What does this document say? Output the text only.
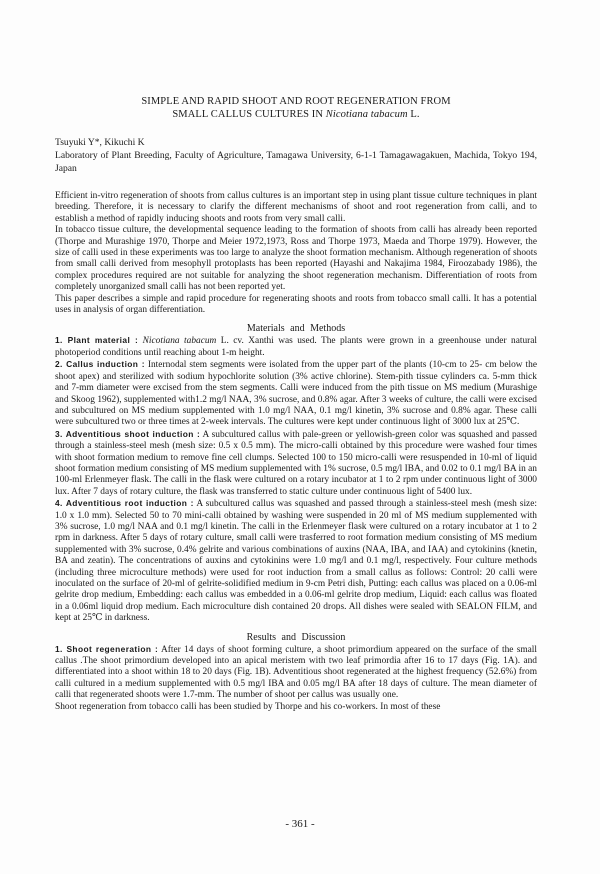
SIMPLE AND RAPID SHOOT AND ROOT REGENERATION FROM
SMALL CALLUS CULTURES IN Nicotiana tabacum L.
Tsuyuki Y*, Kikuchi K
Laboratory of Plant Breeding, Faculty of Agriculture, Tamagawa University, 6-1-1 Tamagawagakuen, Machida, Tokyo 194, Japan

Efficient in-vitro regeneration of shoots from callus cultures is an important step in using plant tissue culture techniques in plant breeding. Therefore, it is necessary to clarify the different mechanisms of shoot and root regeneration from calli, and to establish a method of rapidly inducing shoots and roots from very small calli.

In tobacco tissue culture, the developmental sequence leading to the formation of shoots from calli has already been reported (Thorpe and Murashige 1970, Thorpe and Meier 1972,1973, Ross and Thorpe 1973, Maeda and Thorpe 1979). However, the size of calli used in these experiments was too large to analyze the shoot formation mechanism. Although regeneration of shoots from small calli derived from mesophyll protoplasts has been reported (Hayashi and Nakajima 1984, Firoozabady 1986), the complex procedures required are not suitable for analyzing the shoot regeneration mechanism. Differentiation of roots from completely unorganized small calli has not been reported yet.

This paper describes a simple and rapid procedure for regenerating shoots and roots from tobacco small calli. It has a potential uses in analysis of organ differentiation.

Materials and Methods

1. Plant material : Nicotiana tabacum L. cv. Xanthi was used. The plants were grown in a greenhouse under natural photoperiod conditions until reaching about 1-m height.

2. Callus induction : Internodal stem segments were isolated from the upper part of the plants (10-cm to 25- cm below the shoot apex) and sterilized with sodium hypochlorite solution (3% active chlorine). Stem-pith tissue cylinders ca. 5-mm thick and 7-mm diameter were excised from the stem segments. Calli were induced from the pith tissue on MS medium (Murashige and Skoog 1962), supplemented with1.2 mg/l NAA, 3% sucrose, and 0.8% agar. After 3 weeks of culture, the calli were excised and subcultured on MS medium supplemented with 1.0 mg/l NAA, 0.1 mg/l kinetin, 3% sucrose and 0.8% agar. These calli were subcultured two or three times at 2-week intervals. The cultures were kept under continuous light of 3000 lux at 25℃.

3. Adventitious shoot induction : A subcultured callus with pale-green or yellowish-green color was squashed and passed through a stainless-steel mesh (mesh size: 0.5 x 0.5 mm). The micro-calli obtained by this procedure were washed four times with shoot formation medium to remove fine cell clumps. Selected 100 to 150 micro-calli were resuspended in 10-ml of liquid shoot formation medium consisting of MS medium supplemented with 1% sucrose, 0.5 mg/l IBA, and 0.02 to 0.1 mg/l BA in an 100-ml Erlenmeyer flask. The calli in the flask were cultured on a rotary incubator at 1 to 2 rpm under continuous light of 3000 lux. After 7 days of rotary culture, the flask was transferred to static culture under continuous light of 5400 lux.

4. Adventitious root induction : A subcultured callus was squashed and passed through a stainless-steel mesh (mesh size: 1.0 x 1.0 mm). Selected 50 to 70 mini-calli obtained by washing were suspended in 20 ml of MS medium supplemented with 3% sucrose, 1.0 mg/l NAA and 0.1 mg/l kinetin. The calli in the Erlenmeyer flask were cultured on a rotary incubator at 1 to 2 rpm in darkness. After 5 days of rotary culture, small calli were trasferred to root formation medium consisting of MS medium supplemented with 3% sucrose, 0.4% gelrite and various combinations of auxins (NAA, IBA, and IAA) and cytokinins (knetin, BA and zeatin). The concentrations of auxins and cytokinins were 1.0 mg/l and 0.1 mg/l, respectively. Four culture methods (including three microculture methods) were used for root induction from a small callus as follows: Control: 20 calli were inoculated on the surface of 20-ml of gelrite-solidified medium in 9-cm Petri dish, Putting: each callus was placed on a 0.06-ml gelrite drop medium, Embedding: each callus was embedded in a 0.06-ml gelrite drop medium, Liquid: each callus was floated in a 0.06ml liquid drop medium. Each microculture dish contained 20 drops. All dishes were sealed with SEALON FILM, and kept at 25℃ in darkness.

Results and Discussion

1. Shoot regeneration : After 14 days of shoot forming culture, a shoot primordium appeared on the surface of the small callus .The shoot primordium developed into an apical meristem with two leaf primordia after 16 to 17 days (Fig. 1A). and differentiated into a shoot within 18 to 20 days (Fig. 1B). Adventitious shoot regenerated at the highest frequency (52.6%) from calli cultured in a medium supplemented with 0.5 mg/l IBA and 0.05 mg/l BA after 18 days of culture. The mean diameter of calli that regenerated shoots were 1.7-mm. The number of shoot per callus was usually one.

Shoot regeneration from tobacco calli has been studied by Thorpe and his co-workers. In most of these

- 361 -
